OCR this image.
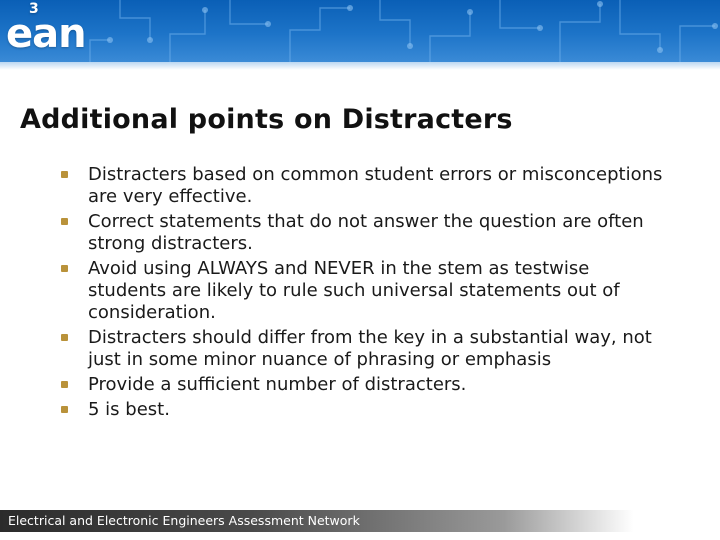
e
3
an
Additional points on Distracters
Distracters based on common student errors or misconceptions are very effective.
Correct statements that do not answer the question are often strong distracters.
Avoid using ALWAYS and NEVER in the stem as testwise students are likely to rule such universal statements out of consideration.
Distracters should differ from the key in a substantial way, not just in some minor nuance of phrasing or emphasis
Provide a sufficient number of distracters.
5 is best.
Electrical and Electronic Engineers Assessment Network
